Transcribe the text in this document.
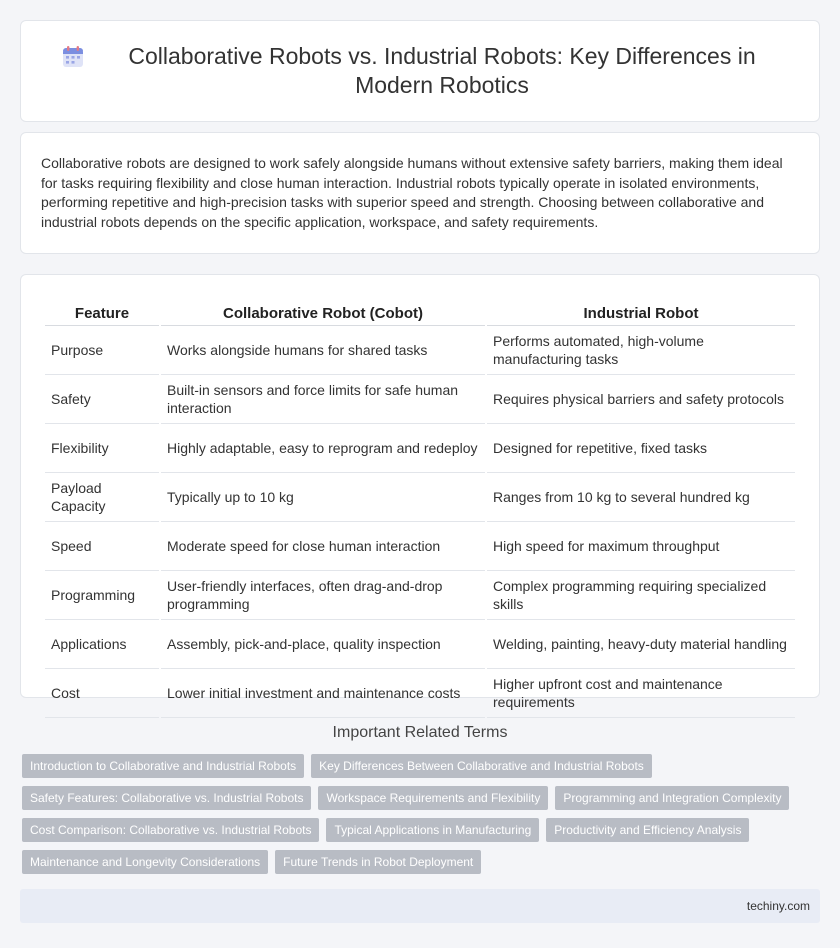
Collaborative Robots vs. Industrial Robots: Key Differences in Modern Robotics

Collaborative robots are designed to work safely alongside humans without extensive safety barriers, making them ideal for tasks requiring flexibility and close human interaction. Industrial robots typically operate in isolated environments, performing repetitive and high-precision tasks with superior speed and strength. Choosing between collaborative and industrial robots depends on the specific application, workspace, and safety requirements.

Feature	Collaborative Robot (Cobot)	Industrial Robot
Purpose	Works alongside humans for shared tasks	Performs automated, high-volume manufacturing tasks
Safety	Built-in sensors and force limits for safe human interaction	Requires physical barriers and safety protocols
Flexibility	Highly adaptable, easy to reprogram and redeploy	Designed for repetitive, fixed tasks
Payload Capacity	Typically up to 10 kg	Ranges from 10 kg to several hundred kg
Speed	Moderate speed for close human interaction	High speed for maximum throughput
Programming	User-friendly interfaces, often drag-and-drop programming	Complex programming requiring specialized skills
Applications	Assembly, pick-and-place, quality inspection	Welding, painting, heavy-duty material handling
Cost	Lower initial investment and maintenance costs	Higher upfront cost and maintenance requirements
Important Related Terms
Introduction to Collaborative and Industrial Robots	Key Differences Between Collaborative and Industrial Robots
Safety Features: Collaborative vs. Industrial Robots	Workspace Requirements and Flexibility	Programming and Integration Complexity
Cost Comparison: Collaborative vs. Industrial Robots	Typical Applications in Manufacturing	Productivity and Efficiency Analysis
Maintenance and Longevity Considerations	Future Trends in Robot Deployment
techiny.com
